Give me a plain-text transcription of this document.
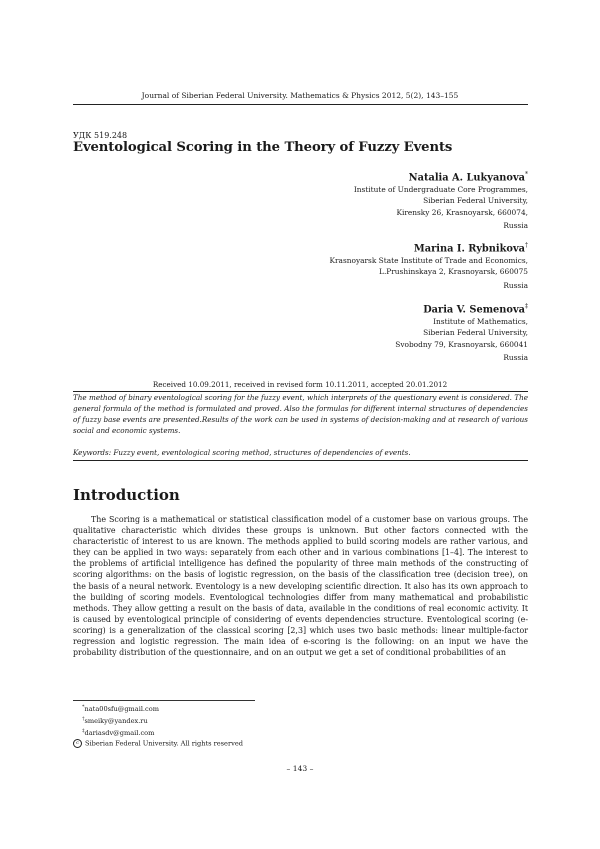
Journal of Siberian Federal University. Mathematics & Physics 2012, 5(2), 143–155
УДК 519.248
Eventological Scoring in the Theory of Fuzzy Events
Natalia A. Lukyanova*
Institute of Undergraduate Core Programmes,
Siberian Federal University,
Kirensky 26, Krasnoyarsk, 660074,
Russia
Marina I. Rybnikova†
Krasnoyarsk State Institute of Trade and Economics,
L.Prushinskaya 2, Krasnoyarsk, 660075
Russia
Daria V. Semenova‡
Institute of Mathematics,
Siberian Federal University,
Svobodny 79, Krasnoyarsk, 660041
Russia
Received 10.09.2011, received in revised form 10.11.2011, accepted 20.01.2012
The method of binary eventological scoring for the fuzzy event, which interprets of the questionary event is considered. The general formula of the method is formulated and proved. Also the formulas for different internal structures of dependencies of fuzzy base events are presented.Results of the work can be used in systems of decision-making and at research of various social and economic systems.
Keywords: Fuzzy event, eventological scoring method, structures of dependencies of events.
Introduction
The Scoring is a mathematical or statistical classification model of a customer base on various groups. The qualitative characteristic which divides these groups is unknown. But other factors connected with the characteristic of interest to us are known. The methods applied to build scoring models are rather various, and they can be applied in two ways: separately from each other and in various combinations [1–4]. The interest to the problems of artificial intelligence has defined the popularity of three main methods of the constructing of scoring algorithms: on the basis of logistic regression, on the basis of the classification tree (decision tree), on the basis of a neural network. Eventology is a new developing scientific direction. It also has its own approach to the building of scoring models. Eventological technologies differ from many mathematical and probabilistic methods. They allow getting a result on the basis of data, available in the conditions of real economic activity. It is caused by eventological principle of considering of events dependencies structure. Eventological scoring (e-scoring) is a generalization of the classical scoring [2,3] which uses two basic methods: linear multiple-factor regression and logistic regression. The main idea of e-scoring is the following: on an input we have the probability distribution of the questionnaire, and on an output we get a set of conditional probabilities of an
*nata00sfu@gmail.com
†smeiky@yandex.ru
‡dariasdv@gmail.com
c Siberian Federal University. All rights reserved
– 143 –
